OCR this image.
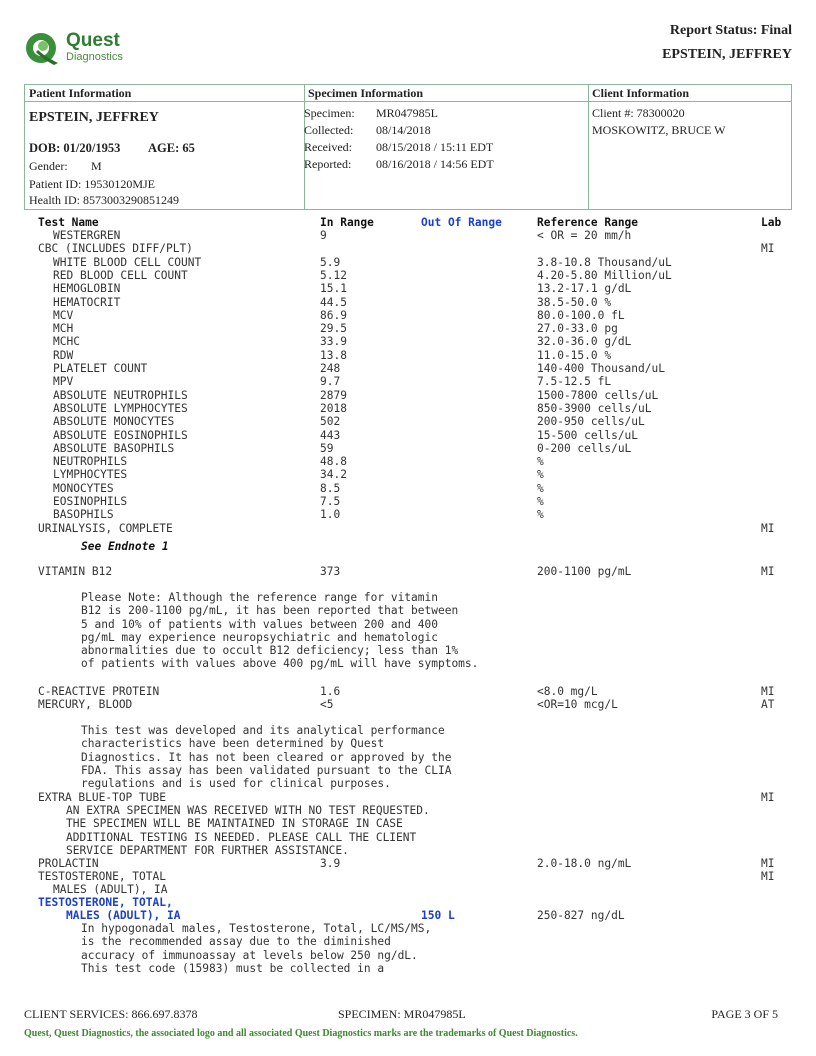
Quest
Diagnostics
Report Status: Final
EPSTEIN, JEFFREY
Patient Information
EPSTEIN, JEFFREY
DOB: 01/20/1953 AGE: 65
Gender: M
Patient ID: 19530120MJE
Health ID: 8573003290851249
Specimen Information
Specimen: MR047985L
Collected: 08/14/2018
Received: 08/15/2018 / 15:11 EDT
Reported: 08/16/2018 / 14:56 EDT
Client Information
Client #: 78300020
MOSKOWITZ, BRUCE W
Test Name	In Range	Out Of Range	Reference Range	Lab
WESTERGREN	9	< OR = 20 mm/h
CBC (INCLUDES DIFF/PLT)	MI
WHITE BLOOD CELL COUNT	5.9	3.8-10.8 Thousand/uL
RED BLOOD CELL COUNT	5.12	4.20-5.80 Million/uL
HEMOGLOBIN	15.1	13.2-17.1 g/dL
HEMATOCRIT	44.5	38.5-50.0 %
MCV	86.9	80.0-100.0 fL
MCH	29.5	27.0-33.0 pg
MCHC	33.9	32.0-36.0 g/dL
RDW	13.8	11.0-15.0 %
PLATELET COUNT	248	140-400 Thousand/uL
MPV	9.7	7.5-12.5 fL
ABSOLUTE NEUTROPHILS	2879	1500-7800 cells/uL
ABSOLUTE LYMPHOCYTES	2018	850-3900 cells/uL
ABSOLUTE MONOCYTES	502	200-950 cells/uL
ABSOLUTE EOSINOPHILS	443	15-500 cells/uL
ABSOLUTE BASOPHILS	59	0-200 cells/uL
NEUTROPHILS	48.8	%
LYMPHOCYTES	34.2	%
MONOCYTES	8.5	%
EOSINOPHILS	7.5	%
BASOPHILS	1.0	%
URINALYSIS, COMPLETE	MI
See Endnote 1
VITAMIN B12	373	200-1100 pg/mL	MI
Please Note: Although the reference range for vitamin
B12 is 200-1100 pg/mL, it has been reported that between
5 and 10% of patients with values between 200 and 400
pg/mL may experience neuropsychiatric and hematologic
abnormalities due to occult B12 deficiency; less than 1%
of patients with values above 400 pg/mL will have symptoms.
C-REACTIVE PROTEIN	1.6	<8.0 mg/L	MI
MERCURY, BLOOD	<5	<OR=10 mcg/L	AT
This test was developed and its analytical performance
characteristics have been determined by Quest
Diagnostics. It has not been cleared or approved by the
FDA. This assay has been validated pursuant to the CLIA
regulations and is used for clinical purposes.
EXTRA BLUE-TOP TUBE	MI
AN EXTRA SPECIMEN WAS RECEIVED WITH NO TEST REQUESTED.
THE SPECIMEN WILL BE MAINTAINED IN STORAGE IN CASE
ADDITIONAL TESTING IS NEEDED. PLEASE CALL THE CLIENT
SERVICE DEPARTMENT FOR FURTHER ASSISTANCE.
PROLACTIN	3.9	2.0-18.0 ng/mL	MI
TESTOSTERONE, TOTAL	MI
MALES (ADULT), IA
TESTOSTERONE, TOTAL,
MALES (ADULT), IA	150 L	250-827 ng/dL
In hypogonadal males, Testosterone, Total, LC/MS/MS,
is the recommended assay due to the diminished
accuracy of immunoassay at levels below 250 ng/dL.
This test code (15983) must be collected in a
CLIENT SERVICES: 866.697.8378	SPECIMEN: MR047985L	PAGE 3 OF 5
Quest, Quest Diagnostics, the associated logo and all associated Quest Diagnostics marks are the trademarks of Quest Diagnostics.
